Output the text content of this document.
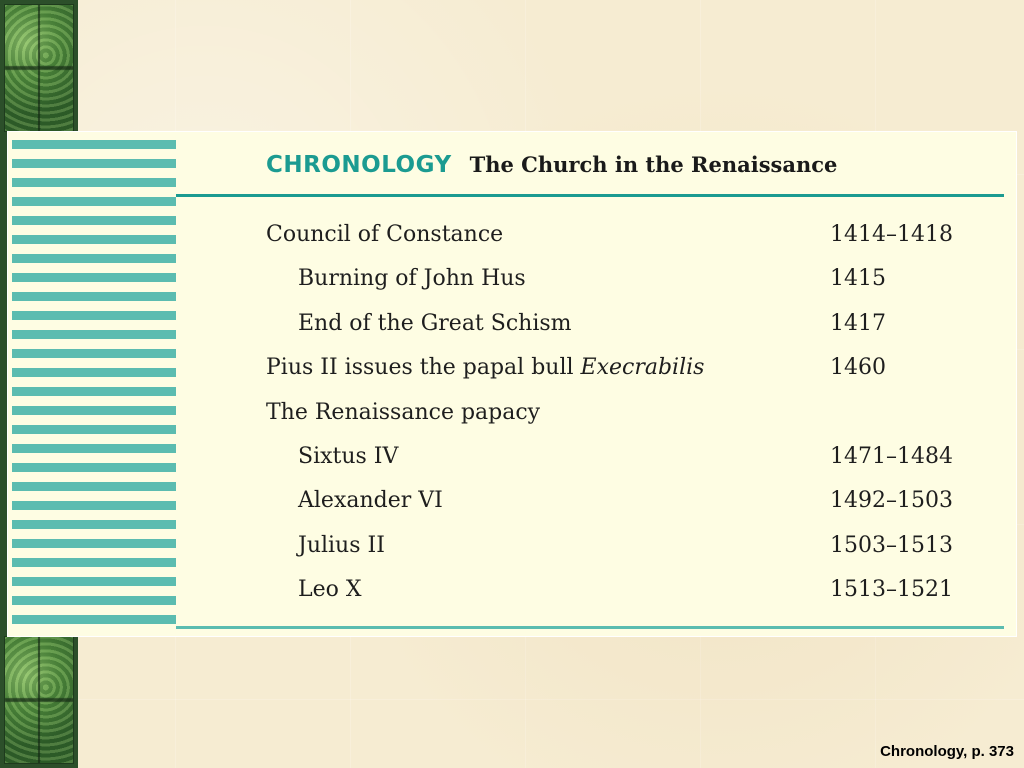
CHRONOLOGY The Church in the Renaissance
Council of Constance	1414–1418
Burning of John Hus	1415
End of the Great Schism	1417
Pius II issues the papal bull Execrabilis	1460
The Renaissance papacy
Sixtus IV	1471–1484
Alexander VI	1492–1503
Julius II	1503–1513
Leo X	1513–1521
Chronology, p. 373
